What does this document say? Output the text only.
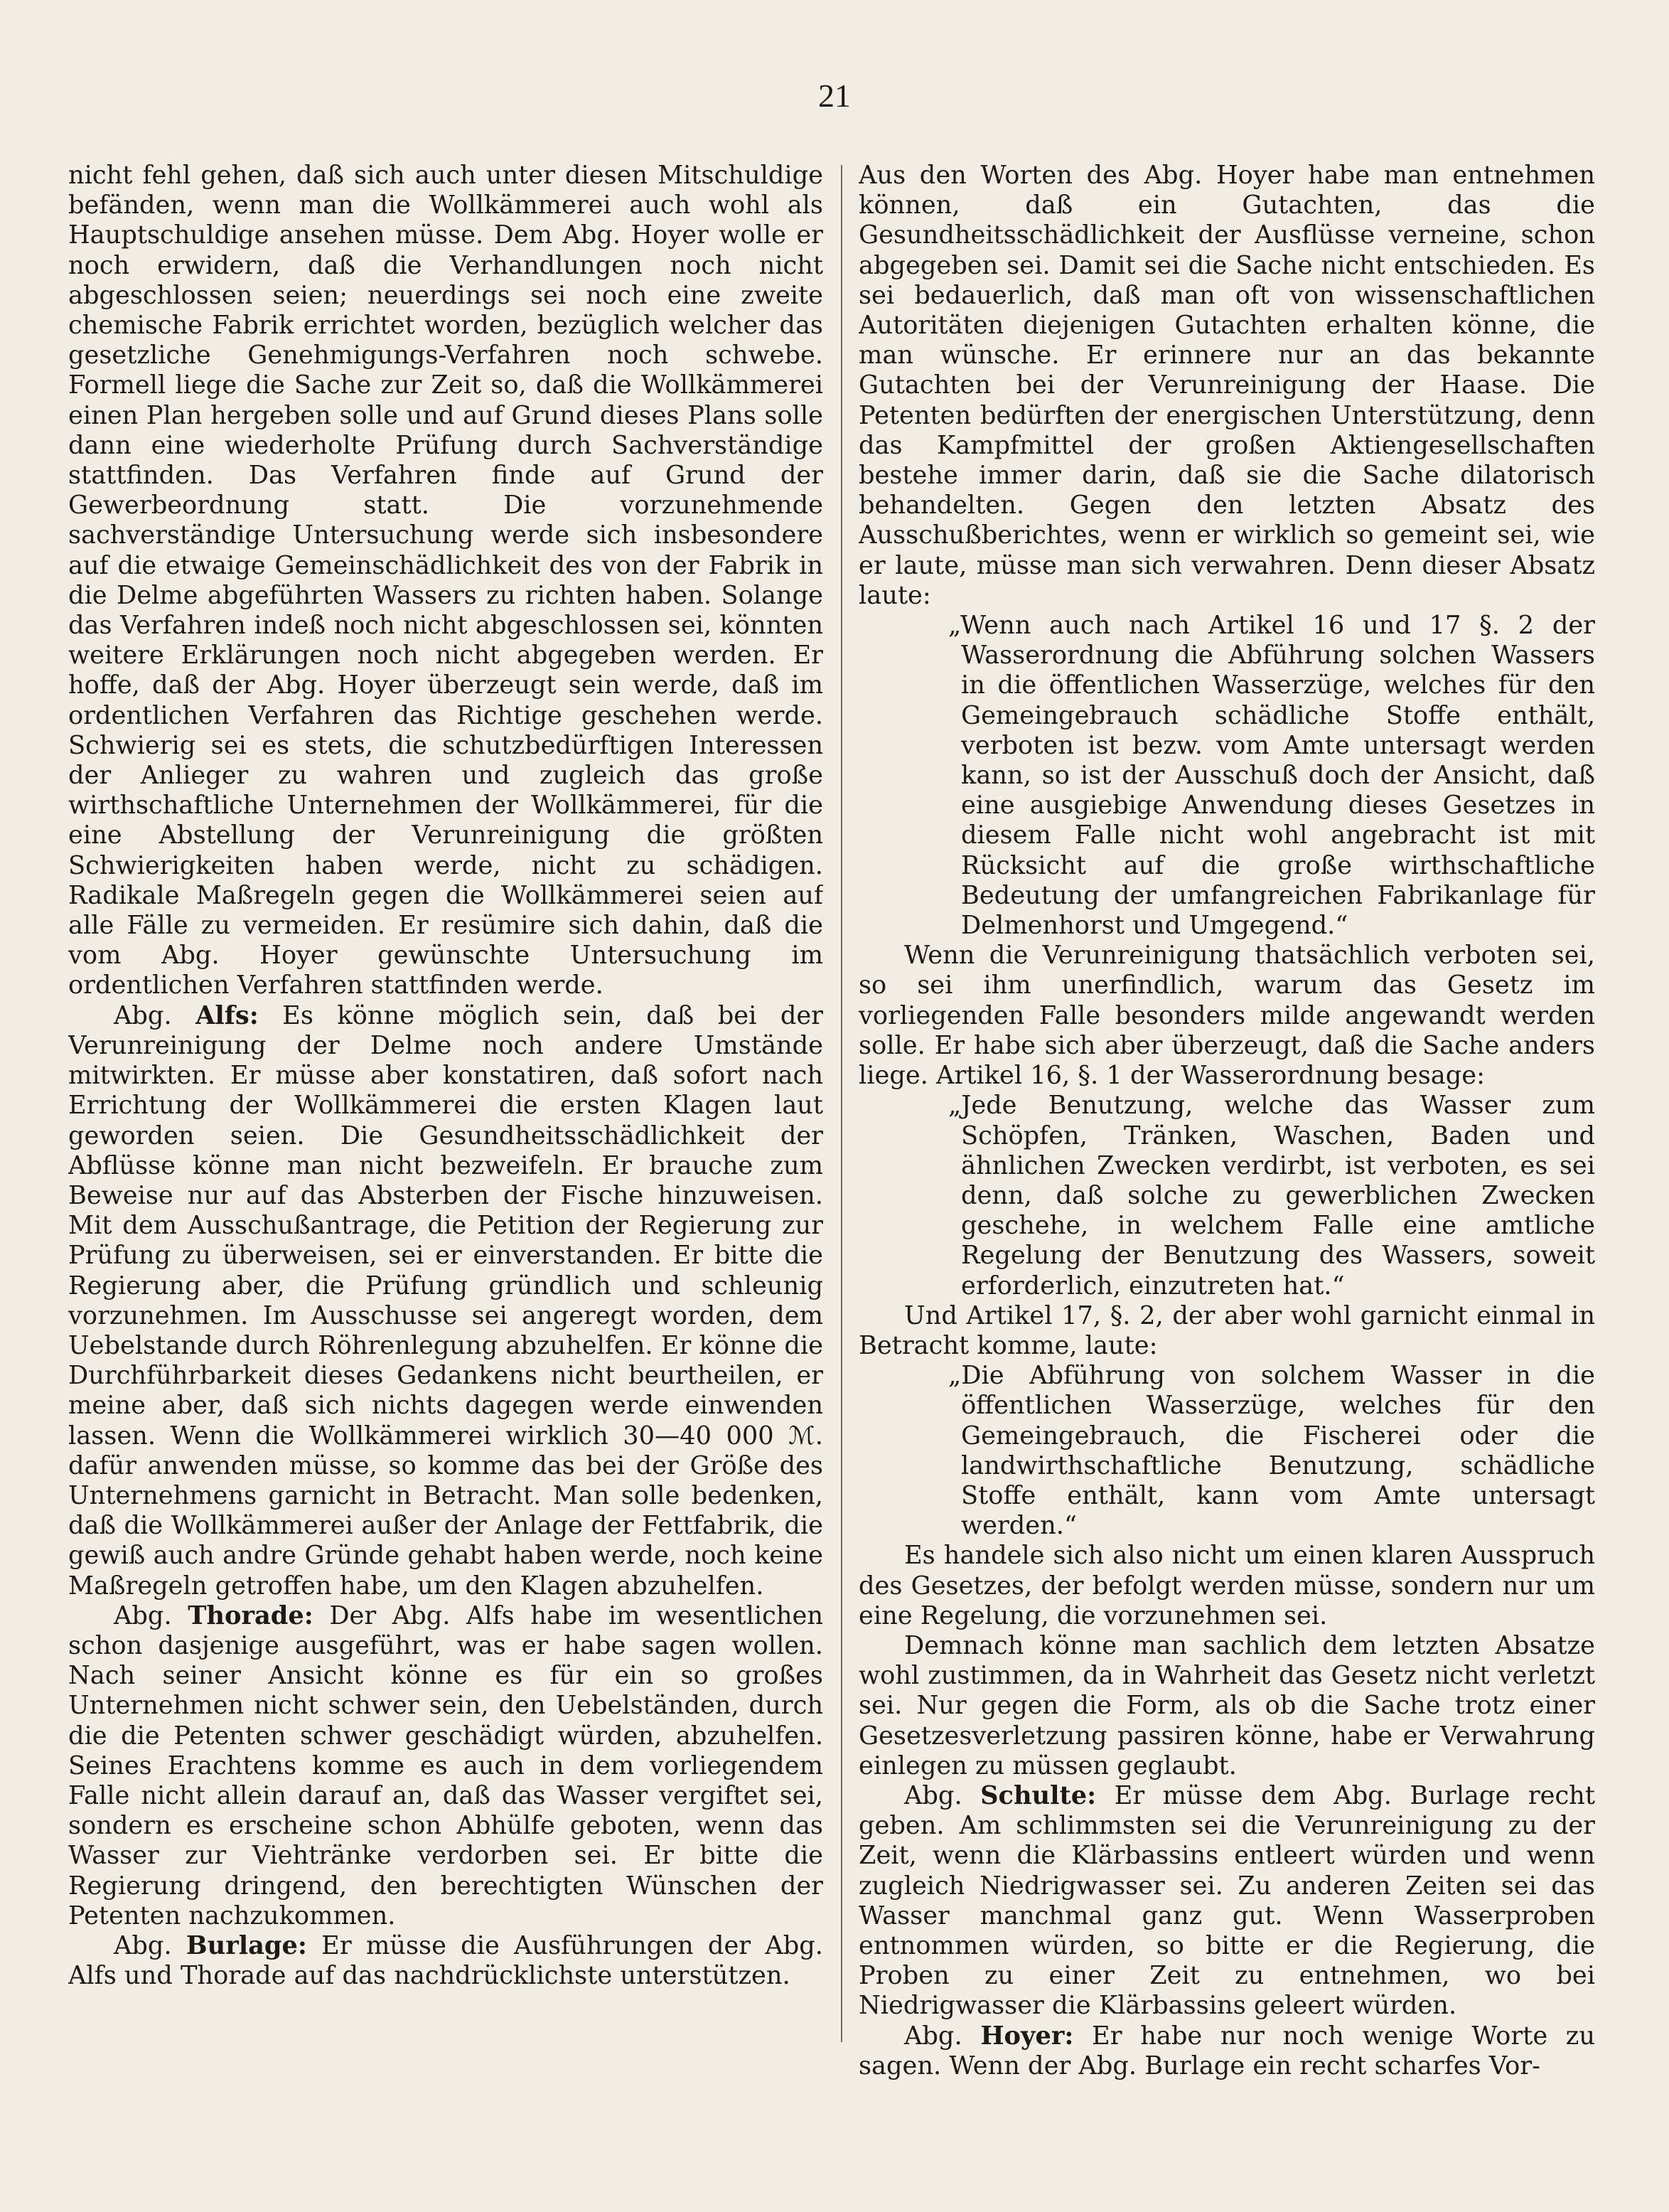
21

nicht fehl gehen, daß sich auch unter diesen Mitschuldige befänden, wenn man die Wollkämmerei auch wohl als Hauptschuldige ansehen müsse. Dem Abg. Hoyer wolle er noch erwidern, daß die Verhandlungen noch nicht abgeschlossen seien; neuerdings sei noch eine zweite chemische Fabrik errichtet worden, bezüglich welcher das gesetzliche Genehmigungs-Verfahren noch schwebe. Formell liege die Sache zur Zeit so, daß die Wollkämmerei einen Plan hergeben solle und auf Grund dieses Plans solle dann eine wiederholte Prüfung durch Sachverständige stattfinden. Das Verfahren finde auf Grund der Gewerbeordnung statt. Die vorzunehmende sachverständige Untersuchung werde sich insbesondere auf die etwaige Gemeinschädlichkeit des von der Fabrik in die Delme abgeführten Wassers zu richten haben. Solange das Verfahren indeß noch nicht abgeschlossen sei, könnten weitere Erklärungen noch nicht abgegeben werden. Er hoffe, daß der Abg. Hoyer überzeugt sein werde, daß im ordentlichen Verfahren das Richtige geschehen werde. Schwierig sei es stets, die schutzbedürftigen Interessen der Anlieger zu wahren und zugleich das große wirthschaftliche Unternehmen der Wollkämmerei, für die eine Abstellung der Verunreinigung die größten Schwierigkeiten haben werde, nicht zu schädigen. Radikale Maßregeln gegen die Wollkämmerei seien auf alle Fälle zu vermeiden. Er resümire sich dahin, daß die vom Abg. Hoyer gewünschte Untersuchung im ordentlichen Verfahren stattfinden werde.

Abg. Alfs: Es könne möglich sein, daß bei der Verunreinigung der Delme noch andere Umstände mitwirkten. Er müsse aber konstatiren, daß sofort nach Errichtung der Wollkämmerei die ersten Klagen laut geworden seien. Die Gesundheitsschädlichkeit der Abflüsse könne man nicht bezweifeln. Er brauche zum Beweise nur auf das Absterben der Fische hinzuweisen. Mit dem Ausschußantrage, die Petition der Regierung zur Prüfung zu überweisen, sei er einverstanden. Er bitte die Regierung aber, die Prüfung gründlich und schleunig vorzunehmen. Im Ausschusse sei angeregt worden, dem Uebelstande durch Röhrenlegung abzuhelfen. Er könne die Durchführbarkeit dieses Gedankens nicht beurtheilen, er meine aber, daß sich nichts dagegen werde einwenden lassen. Wenn die Wollkämmerei wirklich 30—40 000 ℳ. dafür anwenden müsse, so komme das bei der Größe des Unternehmens garnicht in Betracht. Man solle bedenken, daß die Wollkämmerei außer der Anlage der Fettfabrik, die gewiß auch andre Gründe gehabt haben werde, noch keine Maßregeln getroffen habe, um den Klagen abzuhelfen.

Abg. Thorade: Der Abg. Alfs habe im wesentlichen schon dasjenige ausgeführt, was er habe sagen wollen. Nach seiner Ansicht könne es für ein so großes Unternehmen nicht schwer sein, den Uebelständen, durch die die Petenten schwer geschädigt würden, abzuhelfen. Seines Erachtens komme es auch in dem vorliegendem Falle nicht allein darauf an, daß das Wasser vergiftet sei, sondern es erscheine schon Abhülfe geboten, wenn das Wasser zur Viehtränke verdorben sei. Er bitte die Regierung dringend, den berechtigten Wünschen der Petenten nachzukommen.

Abg. Burlage: Er müsse die Ausführungen der Abg. Alfs und Thorade auf das nachdrücklichste unterstützen.

Aus den Worten des Abg. Hoyer habe man entnehmen können, daß ein Gutachten, das die Gesundheitsschädlichkeit der Ausflüsse verneine, schon abgegeben sei. Damit sei die Sache nicht entschieden. Es sei bedauerlich, daß man oft von wissenschaftlichen Autoritäten diejenigen Gutachten erhalten könne, die man wünsche. Er erinnere nur an das bekannte Gutachten bei der Verunreinigung der Haase. Die Petenten bedürften der energischen Unterstützung, denn das Kampfmittel der großen Aktiengesellschaften bestehe immer darin, daß sie die Sache dilatorisch behandelten. Gegen den letzten Absatz des Ausschußberichtes, wenn er wirklich so gemeint sei, wie er laute, müsse man sich verwahren. Denn dieser Absatz laute:

„Wenn auch nach Artikel 16 und 17 §. 2 der Wasserordnung die Abführung solchen Wassers in die öffentlichen Wasserzüge, welches für den Gemeingebrauch schädliche Stoffe enthält, verboten ist bezw. vom Amte untersagt werden kann, so ist der Ausschuß doch der Ansicht, daß eine ausgiebige Anwendung dieses Gesetzes in diesem Falle nicht wohl angebracht ist mit Rücksicht auf die große wirthschaftliche Bedeutung der umfangreichen Fabrikanlage für Delmenhorst und Umgegend.“

Wenn die Verunreinigung thatsächlich verboten sei, so sei ihm unerfindlich, warum das Gesetz im vorliegenden Falle besonders milde angewandt werden solle. Er habe sich aber überzeugt, daß die Sache anders liege. Artikel 16, §. 1 der Wasserordnung besage:

„Jede Benutzung, welche das Wasser zum Schöpfen, Tränken, Waschen, Baden und ähnlichen Zwecken verdirbt, ist verboten, es sei denn, daß solche zu gewerblichen Zwecken geschehe, in welchem Falle eine amtliche Regelung der Benutzung des Wassers, soweit erforderlich, einzutreten hat.“

Und Artikel 17, §. 2, der aber wohl garnicht einmal in Betracht komme, laute:

„Die Abführung von solchem Wasser in die öffentlichen Wasserzüge, welches für den Gemeingebrauch, die Fischerei oder die landwirthschaftliche Benutzung, schädliche Stoffe enthält, kann vom Amte untersagt werden.“

Es handele sich also nicht um einen klaren Ausspruch des Gesetzes, der befolgt werden müsse, sondern nur um eine Regelung, die vorzunehmen sei.

Demnach könne man sachlich dem letzten Absatze wohl zustimmen, da in Wahrheit das Gesetz nicht verletzt sei. Nur gegen die Form, als ob die Sache trotz einer Gesetzesverletzung passiren könne, habe er Verwahrung einlegen zu müssen geglaubt.

Abg. Schulte: Er müsse dem Abg. Burlage recht geben. Am schlimmsten sei die Verunreinigung zu der Zeit, wenn die Klärbassins entleert würden und wenn zugleich Niedrigwasser sei. Zu anderen Zeiten sei das Wasser manchmal ganz gut. Wenn Wasserproben entnommen würden, so bitte er die Regierung, die Proben zu einer Zeit zu entnehmen, wo bei Niedrigwasser die Klärbassins geleert würden.

Abg. Hoyer: Er habe nur noch wenige Worte zu sagen. Wenn der Abg. Burlage ein recht scharfes Vor-
